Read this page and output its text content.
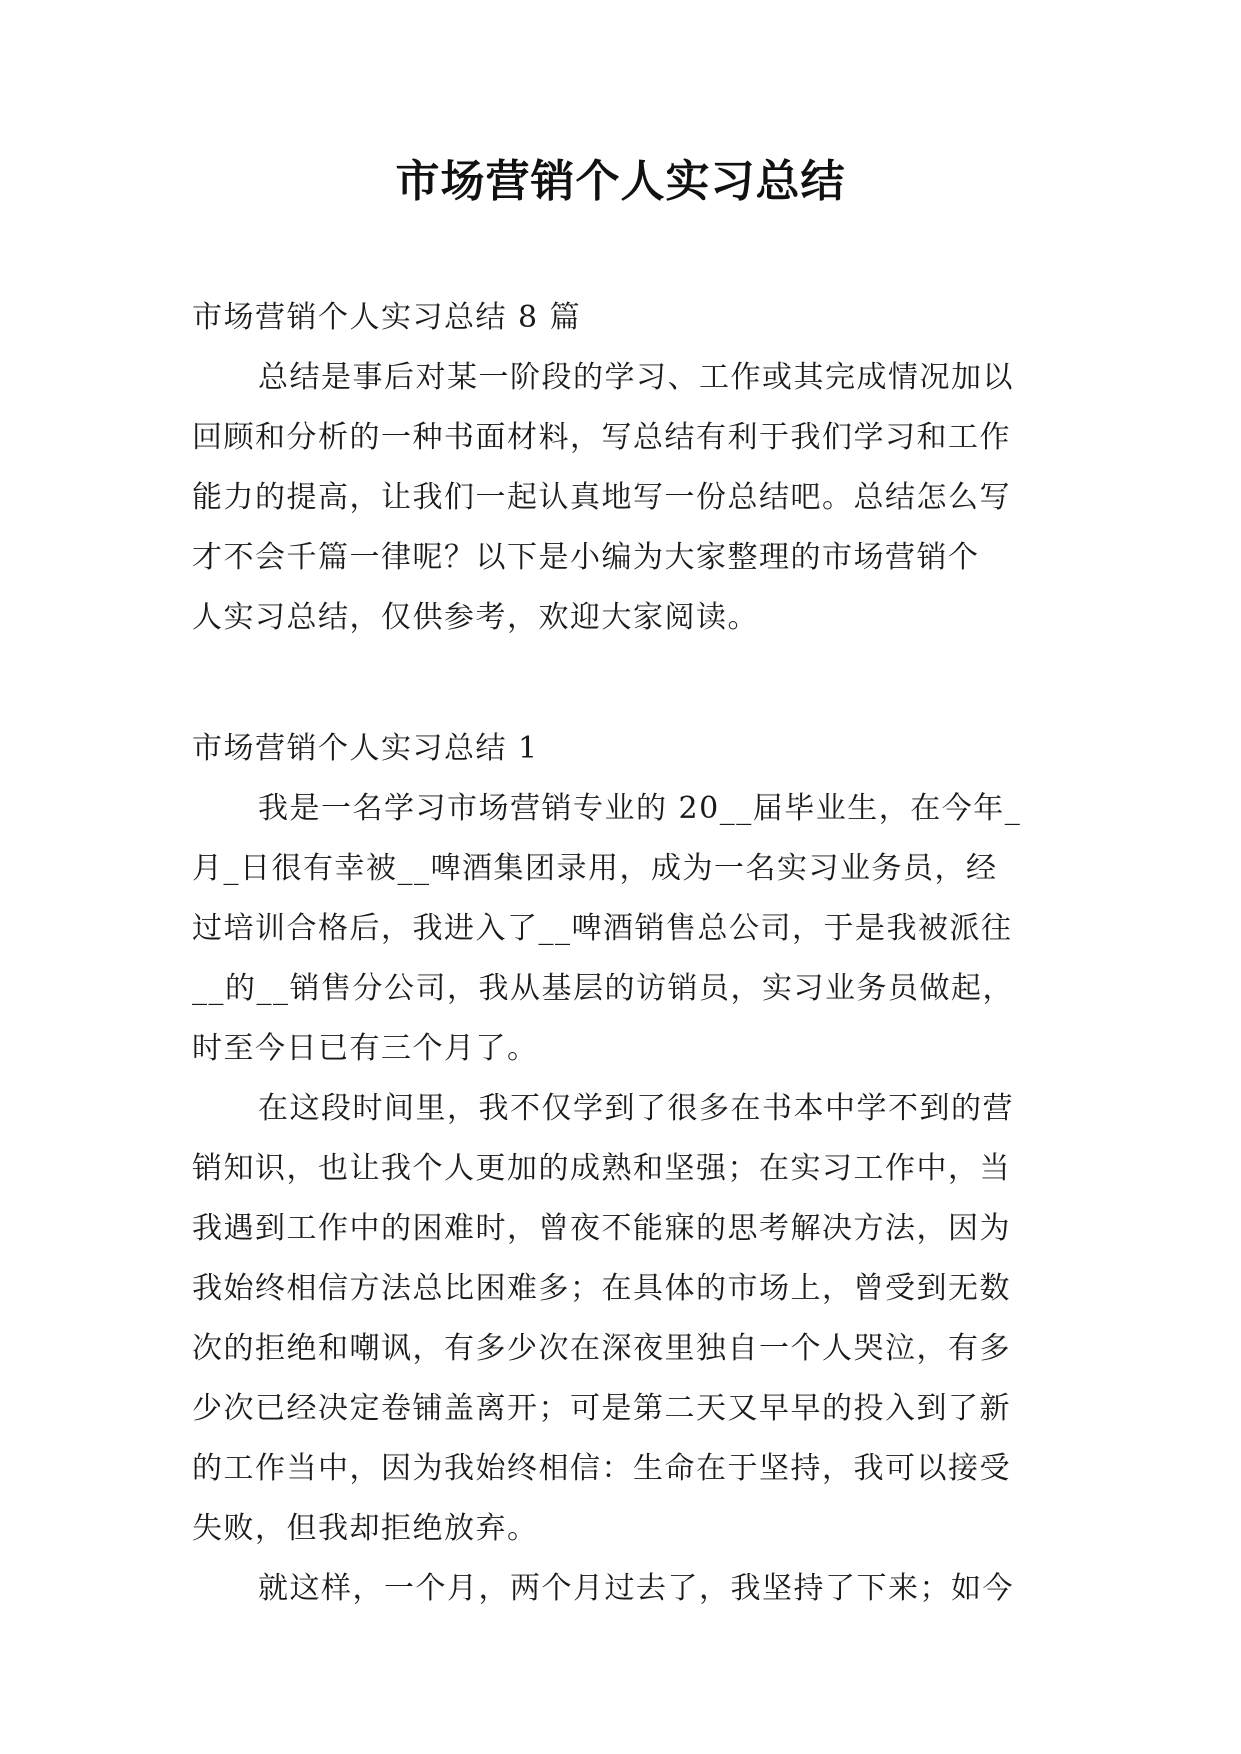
市场营销个人实习总结
市场营销个人实习总结 8 篇
总结是事后对某一阶段的学习、工作或其完成情况加以
回顾和分析的一种书面材料，写总结有利于我们学习和工作
能力的提高，让我们一起认真地写一份总结吧。总结怎么写
才不会千篇一律呢？以下是小编为大家整理的市场营销个
人实习总结，仅供参考，欢迎大家阅读。
市场营销个人实习总结 1
我是一名学习市场营销专业的 20__届毕业生，在今年_
月_日很有幸被__啤酒集团录用，成为一名实习业务员，经
过培训合格后，我进入了__啤酒销售总公司，于是我被派往
__的__销售分公司，我从基层的访销员，实习业务员做起，
时至今日已有三个月了。
在这段时间里，我不仅学到了很多在书本中学不到的营
销知识，也让我个人更加的成熟和坚强；在实习工作中，当
我遇到工作中的困难时，曾夜不能寐的思考解决方法，因为
我始终相信方法总比困难多；在具体的市场上，曾受到无数
次的拒绝和嘲讽，有多少次在深夜里独自一个人哭泣，有多
少次已经决定卷铺盖离开；可是第二天又早早的投入到了新
的工作当中，因为我始终相信：生命在于坚持，我可以接受
失败，但我却拒绝放弃。
就这样，一个月，两个月过去了，我坚持了下来；如今
